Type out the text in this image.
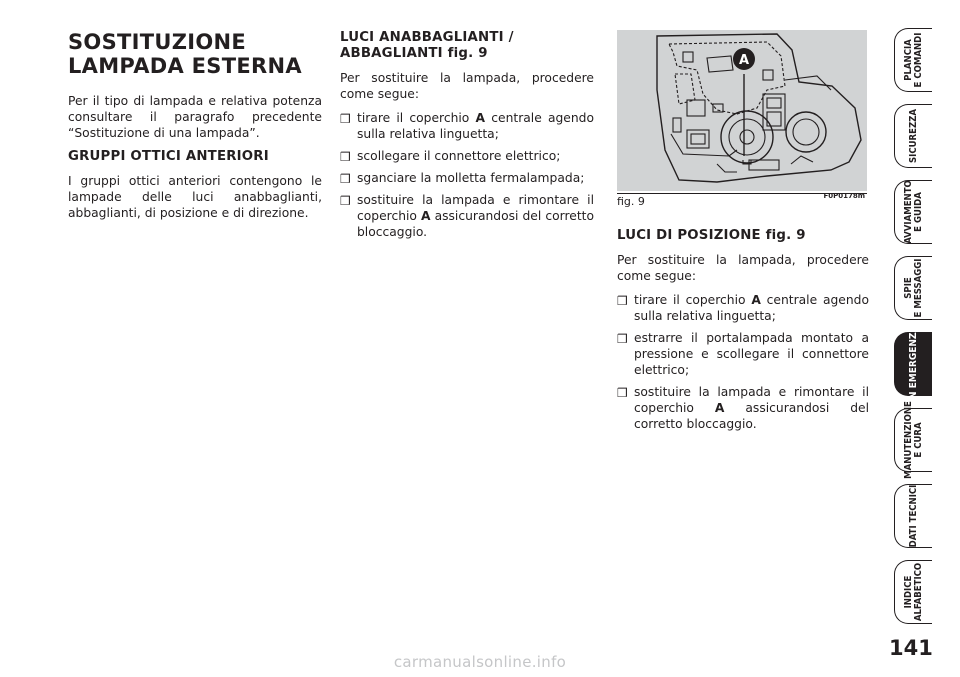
SOSTITUZIONE LAMPADA ESTERNA

Per il tipo di lampada e relativa potenza consultare il paragrafo precedente “Sostituzione di una lampada”.

GRUPPI OTTICI ANTERIORI

I gruppi ottici anteriori contengono le lampade delle luci anabbaglianti, abbaglianti, di posizione e di direzione.

LUCI ANABBAGLIANTI / ABBAGLIANTI fig. 9

Per sostituire la lampada, procedere come segue:

❒ tirare il coperchio A centrale agendo sulla relativa linguetta;
❒ scollegare il connettore elettrico;
❒ sganciare la molletta fermalampada;
❒ sostituire la lampada e rimontare il coperchio A assicurandosi del corretto bloccaggio.
A
fig. 9	F0P0178m
LUCI DI POSIZIONE fig. 9

Per sostituire la lampada, procedere come segue:

❒ tirare il coperchio A centrale agendo sulla relativa linguetta;
❒ estrarre il portalampada montato a pressione e scollegare il connettore elettrico;
❒ sostituire la lampada e rimontare il coperchio A assicurandosi del corretto bloccaggio.
PLANCIA E COMANDI
SICUREZZA
AVVIAMENTO E GUIDA
SPIE E MESSAGGI
IN EMERGENZA
MANUTENZIONE E CURA
DATI TECNICI
INDICE ALFABETICO
141
carmanualsonline.info
